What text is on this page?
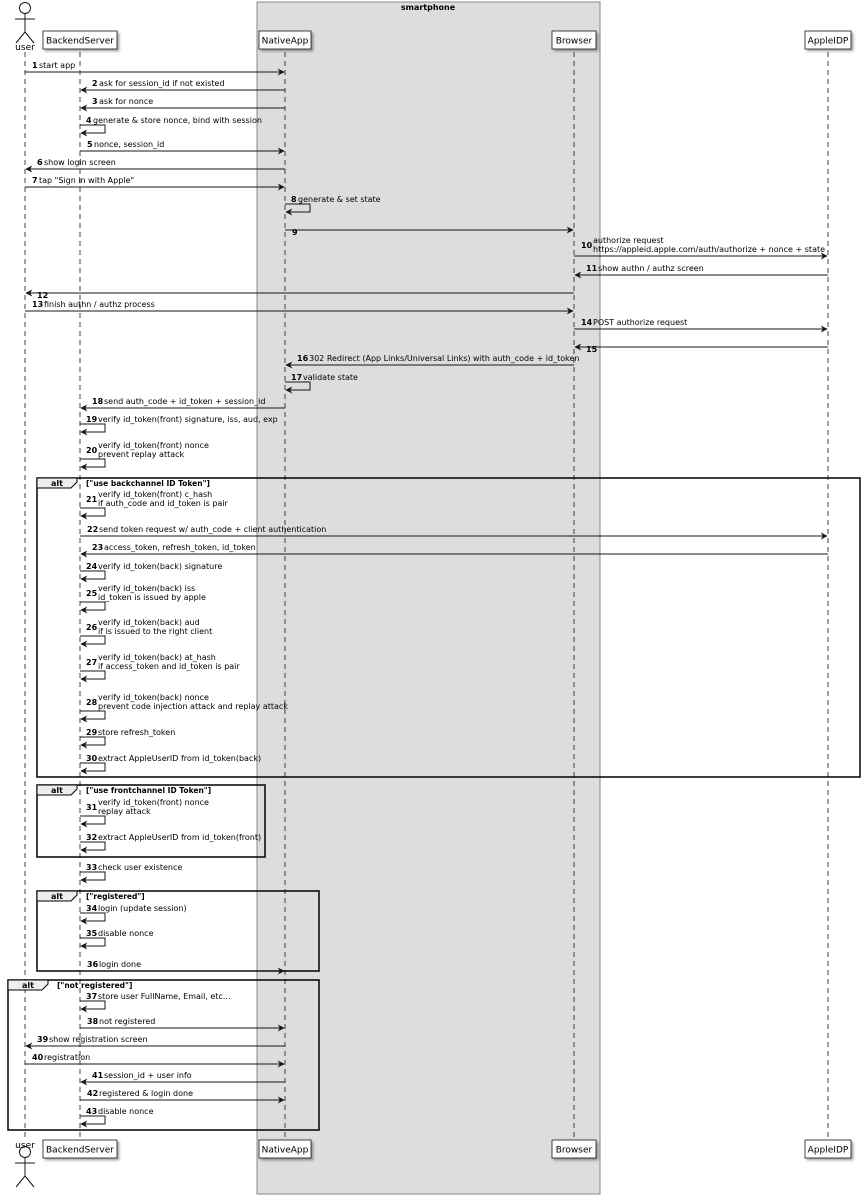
smartphone
alt	["use backchannel ID Token"]
alt	["use frontchannel ID Token"]
alt	["registered"]
alt	["not registered"]
user
user
BackendServer
BackendServer
NativeApp
NativeApp
Browser
Browser
AppleIDP
AppleIDP
1 start app
2 ask for session_id if not existed
3 ask for nonce
4 generate & store nonce, bind with session
5 nonce, session_id
6 show login screen
7 tap "Sign in with Apple"
8 generate & set state
9
10
authorize request
https://appleid.apple.com/auth/authorize + nonce + state
11 show authn / authz screen
12
13 finish authn / authz process
14 POST authorize request
15
16 302 Redirect (App Links/Universal Links) with auth_code + id_token
17 validate state
18 send auth_code + id_token + session_id
19 verify id_token(front) signature, iss, aud, exp
20
verify id_token(front) nonce
prevent replay attack
21
verify id_token(front) c_hash
if auth_code and id_token is pair
22 send token request w/ auth_code + client authentication
23 access_token, refresh_token, id_token
24 verify id_token(back) signature
25
verify id_token(back) iss
id_token is issued by apple
26
verify id_token(back) aud
if is issued to the right client
27
verify id_token(back) at_hash
if access_token and id_token is pair
28
verify id_token(back) nonce
prevent code injection attack and replay attack
29 store refresh_token
30 extract AppleUserID from id_token(back)
31
verify id_token(front) nonce
replay attack
32 extract AppleUserID from id_token(front)
33 check user existence
34 login (update session)
35 disable nonce
36 login done
37 store user FullName, Email, etc...
38 not registered
39 show registration screen
40 registration
41 session_id + user info
42 registered & login done
43 disable nonce
